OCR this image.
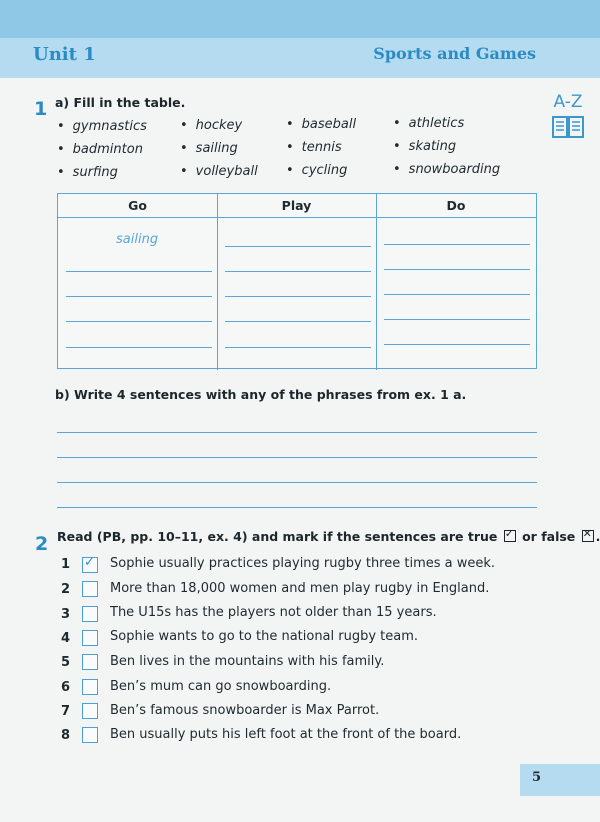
Unit 1	Sports and Games
A-Z
1 a) Fill in the table.
• gymnastics	• hockey	• baseball	• athletics
• badminton	• sailing	• tennis	• skating
• surfing	• volleyball	• cycling	• snowboarding
Go	Play	Do
sailing
b) Write 4 sentences with any of the phrases from ex. 1 a.
2 Read (PB, pp. 10–11, ex. 4) and mark if the sentences are true ✓ or false ✕ .
1 ✓ Sophie usually practices playing rugby three times a week.
2	More than 18,000 women and men play rugby in England.
3	The U15s has the players not older than 15 years.
4	Sophie wants to go to the national rugby team.
5	Ben lives in the mountains with his family.
6	Ben’s mum can go snowboarding.
7	Ben’s famous snowboarder is Max Parrot.
8	Ben usually puts his left foot at the front of the board.
5
